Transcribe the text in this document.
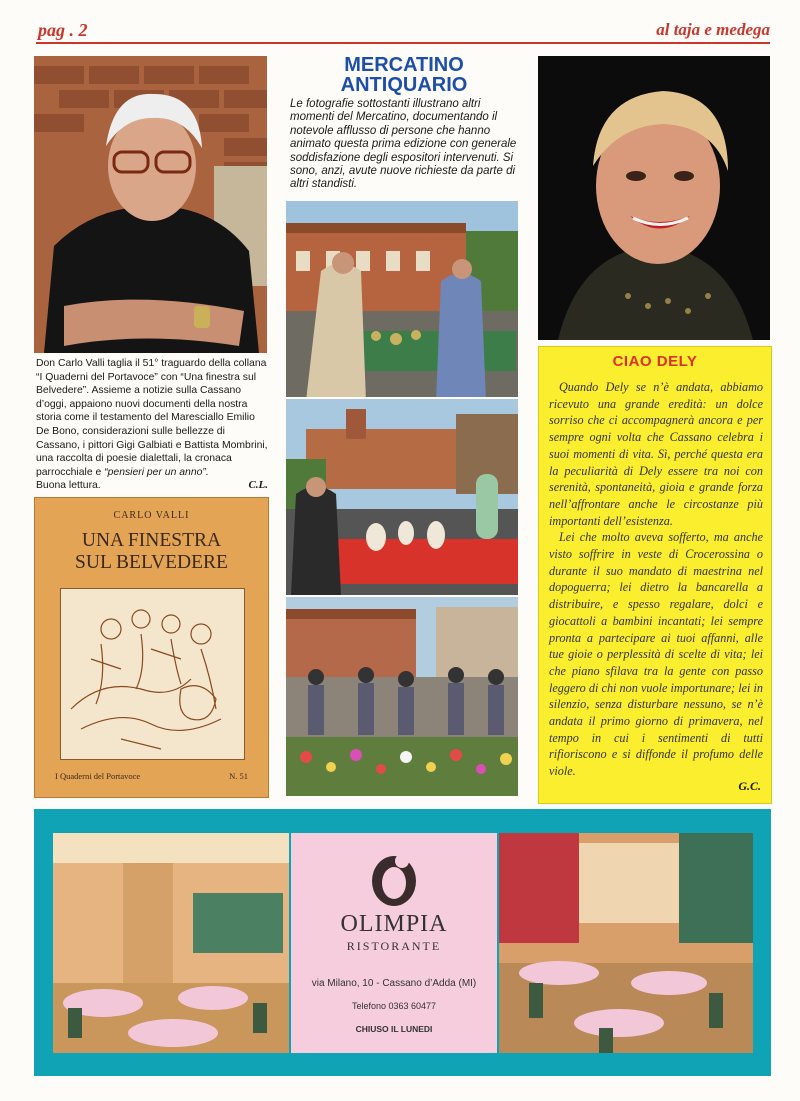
pag . 2	al taja e medega
Don Carlo Valli taglia il 51° traguardo della collana “I Quaderni del Portavoce” con “Una finestra sul Belvedere”. Assieme a notizie sulla Cassano d’oggi, appaiono nuovi documenti della nostra storia come il testamento del Maresciallo Emilio De Bono, considerazioni sulle bellezze di Cassano, i pittori Gigi Galbiati e Battista Mombrini, una raccolta di poesie dialettali, la cronaca parrocchiale e “pensieri per un anno”.
Buona lettura.	C.L.
CARLO VALLI
UNA FINESTRA
SUL BELVEDERE
I Quaderni del Portavoce	N. 51
MERCATINO
ANTIQUARIO
Le fotografie sottostanti illustrano altri momenti del Mercatino, documentando il notevole afflusso di persone che hanno animato questa prima edizione con generale soddisfazione degli espositori intervenuti. Si sono, anzi, avute nuove richieste da parte di altri standisti.
CIAO DELY

Quando Dely se n’è andata, abbiamo ricevuto una grande eredità: un dolce sorriso che ci accompagnerà ancora e per sempre ogni volta che Cassano celebra i suoi momenti di vita. Sì, perché questa era la peculiarità di Dely essere tra noi con serenità, spontaneità, gioia e grande forza nell’affrontare anche le circostanze più importanti dell’esistenza.

Lei che molto aveva sofferto, ma anche visto soffrire in veste di Crocerossina o durante il suo mandato di maestrina nel dopoguerra; lei dietro la bancarella a distribuire, e spesso regalare, dolci e giocattoli a bambini incantati; lei sempre pronta a partecipare ai tuoi affanni, alle tue gioie o perplessità di scelte di vita; lei che piano sfilava tra la gente con passo leggero di chi non vuole importunare; lei in silenzio, senza disturbare nessuno, se n’è andata il primo giorno di primavera, nel tempo in cui i sentimenti di tutti rifioriscono e si diffonde il profumo delle viole.

G.C.
OLIMPIA
RISTORANTE
via Milano, 10 - Cassano d’Adda (MI)
Telefono 0363 60477
CHIUSO IL LUNEDI
